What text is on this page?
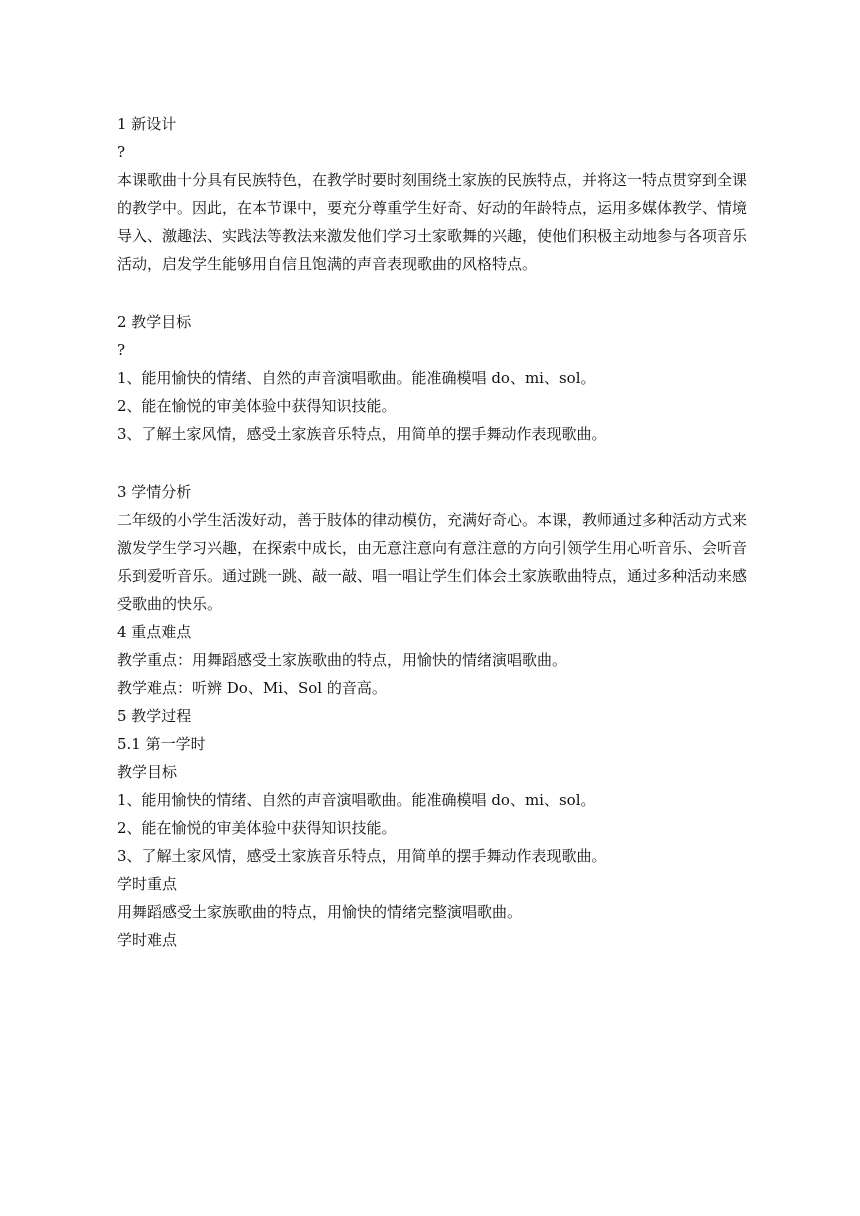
1 新设计

?

本课歌曲十分具有民族特色，在教学时要时刻围绕土家族的民族特点，并将这一特点贯穿到全课的教学中。因此，在本节课中，要充分尊重学生好奇、好动的年龄特点，运用多媒体教学、情境导入、激趣法、实践法等教法来激发他们学习土家歌舞的兴趣，使他们积极主动地参与各项音乐活动，启发学生能够用自信且饱满的声音表现歌曲的风格特点。

2 教学目标

?

1、能用愉快的情绪、自然的声音演唱歌曲。能准确模唱 do、mi、sol。

2、能在愉悦的审美体验中获得知识技能。

3、了解土家风情，感受土家族音乐特点，用简单的摆手舞动作表现歌曲。

3 学情分析

二年级的小学生活泼好动，善于肢体的律动模仿，充满好奇心。本课，教师通过多种活动方式来激发学生学习兴趣，在探索中成长，由无意注意向有意注意的方向引领学生用心听音乐、会听音乐到爱听音乐。通过跳一跳、敲一敲、唱一唱让学生们体会土家族歌曲特点，通过多种活动来感受歌曲的快乐。

4 重点难点

教学重点：用舞蹈感受土家族歌曲的特点，用愉快的情绪演唱歌曲。

教学难点：听辨 Do、Mi、Sol 的音高。

5 教学过程

5.1 第一学时

教学目标

1、能用愉快的情绪、自然的声音演唱歌曲。能准确模唱 do、mi、sol。

2、能在愉悦的审美体验中获得知识技能。

3、了解土家风情，感受土家族音乐特点，用简单的摆手舞动作表现歌曲。

学时重点

用舞蹈感受土家族歌曲的特点，用愉快的情绪完整演唱歌曲。

学时难点
